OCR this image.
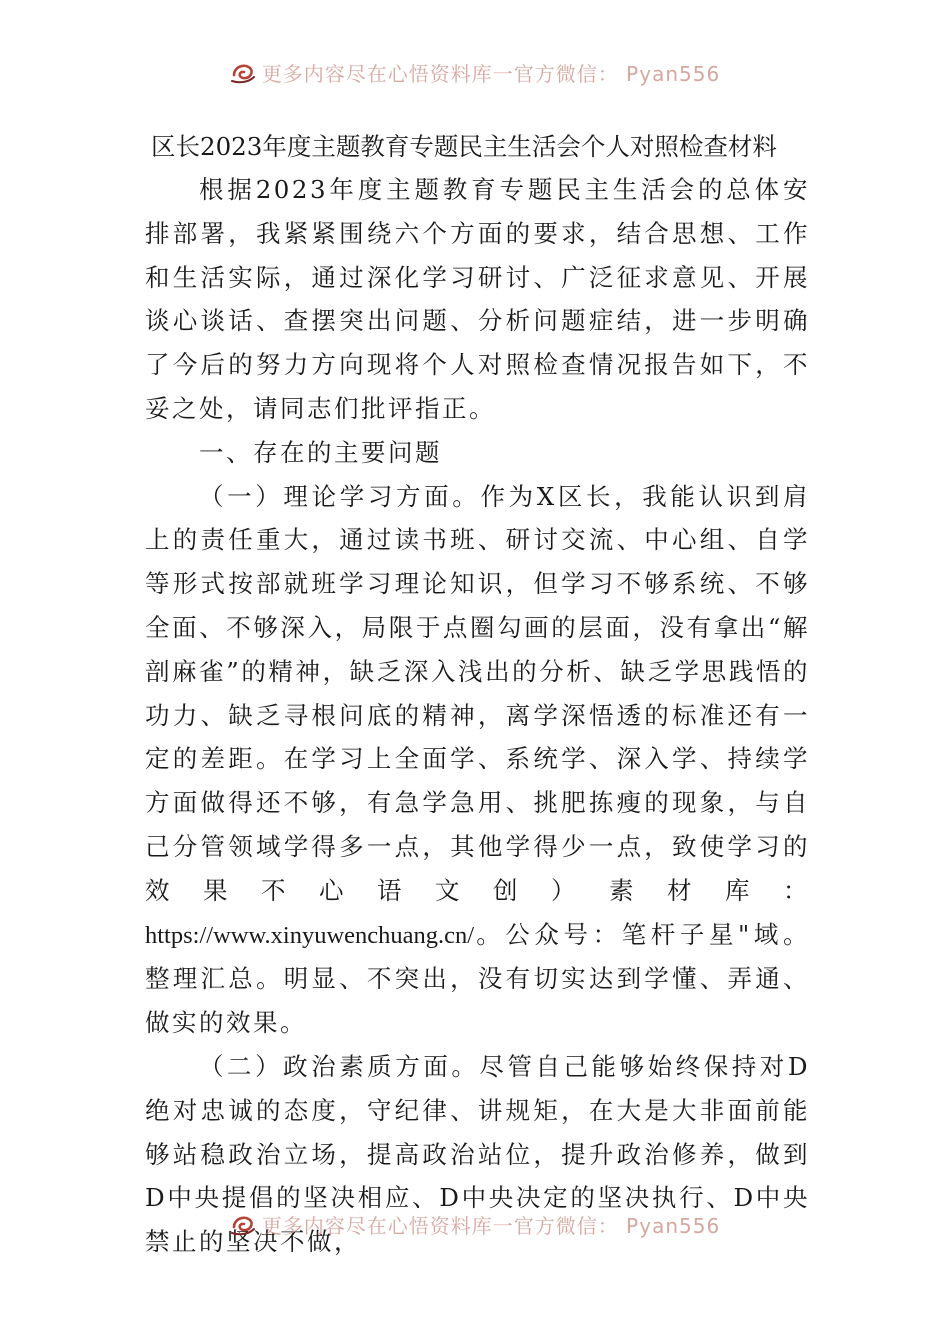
更多内容尽在心悟资料库一官方微信： Pyan556
区长2023年度主题教育专题民主生活会个人对照检查材料

根据2023年度主题教育专题民主生活会的总体安排部署，我紧紧围绕六个方面的要求，结合思想、工作和生活实际，通过深化学习研讨、广泛征求意见、开展谈心谈话、查摆突出问题、分析问题症结，进一步明确了今后的努力方向现将个人对照检查情况报告如下，不妥之处，请同志们批评指正。

一、存在的主要问题

（一）理论学习方面。作为X区长，我能认识到肩上的责任重大，通过读书班、研讨交流、中心组、自学等形式按部就班学习理论知识，但学习不够系统、不够全面、不够深入，局限于点圈勾画的层面，没有拿出“解剖麻雀”的精神，缺乏深入浅出的分析、缺乏学思践悟的功力、缺乏寻根问底的精神，离学深悟透的标准还有一定的差距。在学习上全面学、系统学、深入学、持续学方面做得还不够，有急学急用、挑肥拣瘦的现象，与自己分管领域学得多一点，其他学得少一点，致使学习的效果不心语文创）素材库：https://www.xinyuwenchuang.cn/。公众号：笔杆子星"域。整理汇总。明显、不突出，没有切实达到学懂、弄通、做实的效果。

（二）政治素质方面。尽管自己能够始终保持对D绝对忠诚的态度，守纪律、讲规矩，在大是大非面前能够站稳政治立场，提高政治站位，提升政治修养，做到D中央提倡的坚决相应、D中央决定的坚决执行、D中央禁止的坚决不做，

更多内容尽在心悟资料库一官方微信： Pyan556
